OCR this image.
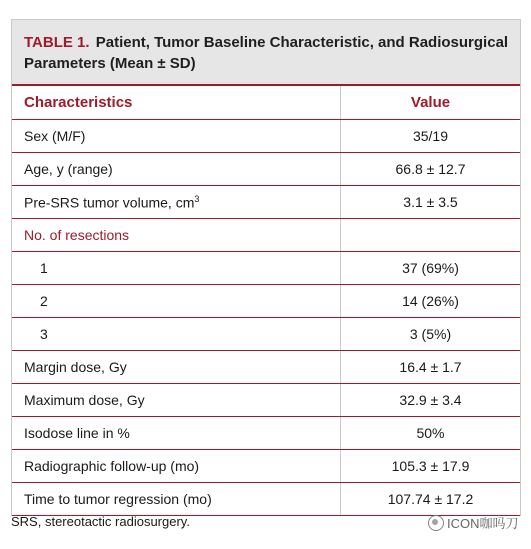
TABLE 1. Patient, Tumor Baseline Characteristic, and Radiosurgical Parameters (Mean ± SD)
Characteristics	Value
Sex (M/F)	35/19
Age, y (range)	66.8 ± 12.7
Pre-SRS tumor volume, $cm^3$	3.1 ± 3.5
No. of resections	
1	37 (69%)
2	14 (26%)
3	3 (5%)
Margin dose, Gy	16.4 ± 1.7
Maximum dose, Gy	32.9 ± 3.4
Isodose line in %	50%
Radiographic follow-up (mo)	105.3 ± 17.9
Time to tumor regression (mo)	107.74 ± 17.2
SRS, stereotactic radiosurgery.	ICON咖吗刀
